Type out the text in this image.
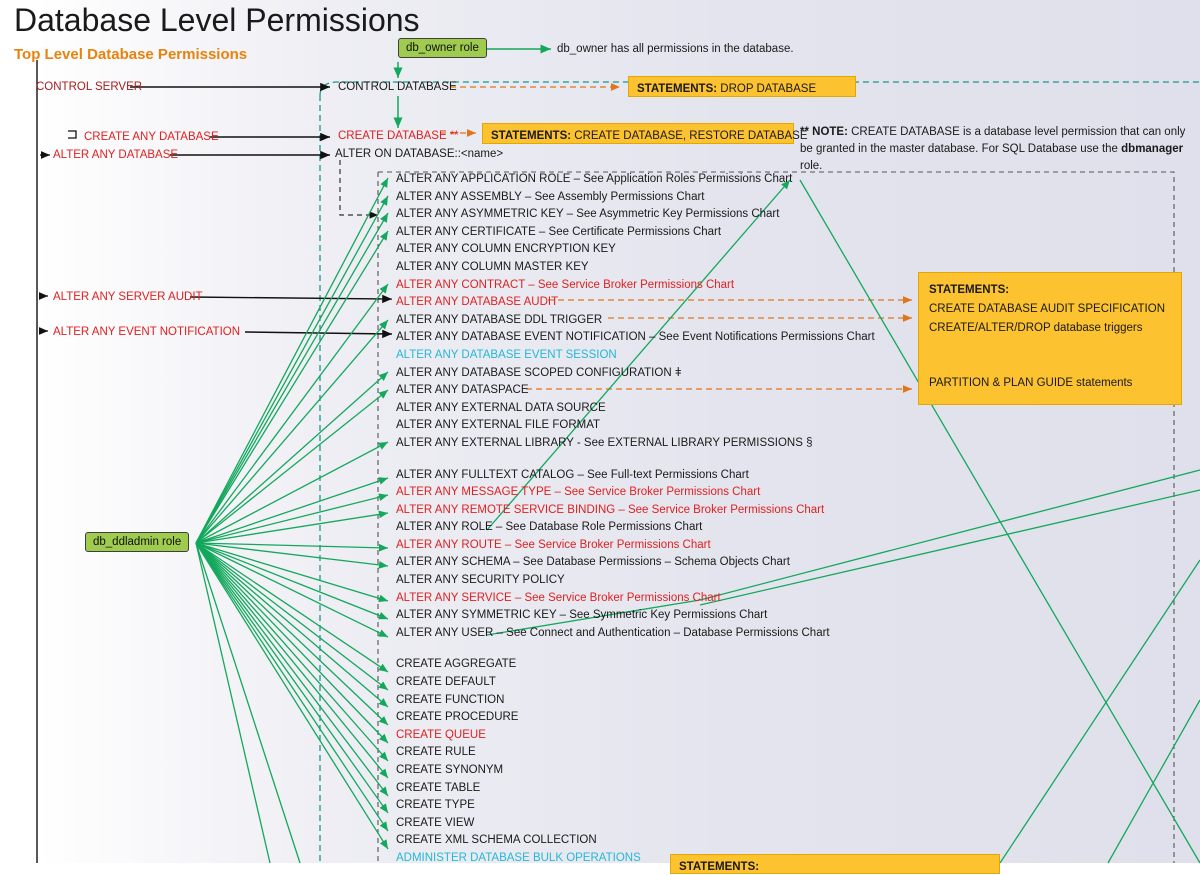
Database Level Permissions
Top Level Database Permissions	db_owner role
db_ddladmin role
db_owner has all permissions in the database.
CONTROL SERVER	CONTROL DATABASE
CREATE ANY DATABASE
ALTER ANY DATABASE
CREATE DATABASE **
ALTER ON DATABASE::<name>
ALTER ANY SERVER AUDIT
ALTER ANY EVENT NOTIFICATION
STATEMENTS: DROP DATABASE
STATEMENTS: CREATE DATABASE, RESTORE DATABASE
STATEMENTS:
CREATE DATABASE AUDIT SPECIFICATION
CREATE/ALTER/DROP database triggers
PARTITION & PLAN GUIDE statements
STATEMENTS:
** NOTE: CREATE DATABASE is a database level permission that can only be granted in the master database. For SQL Database use the dbmanager role.
ALTER ANY APPLICATION ROLE – See Application Roles Permissions Chart
ALTER ANY ASSEMBLY – See Assembly Permissions Chart
ALTER ANY ASYMMETRIC KEY – See Asymmetric Key Permissions Chart
ALTER ANY CERTIFICATE – See Certificate Permissions Chart
ALTER ANY COLUMN ENCRYPTION KEY
ALTER ANY COLUMN MASTER KEY
ALTER ANY CONTRACT – See Service Broker Permissions Chart
ALTER ANY DATABASE AUDIT
ALTER ANY DATABASE DDL TRIGGER
ALTER ANY DATABASE EVENT NOTIFICATION – See Event Notifications Permissions Chart
ALTER ANY DATABASE EVENT SESSION
ALTER ANY DATABASE SCOPED CONFIGURATION ǂ
ALTER ANY DATASPACE
ALTER ANY EXTERNAL DATA SOURCE
ALTER ANY EXTERNAL FILE FORMAT
ALTER ANY EXTERNAL LIBRARY - See EXTERNAL LIBRARY PERMISSIONS §
ALTER ANY FULLTEXT CATALOG – See Full-text Permissions Chart
ALTER ANY MESSAGE TYPE – See Service Broker Permissions Chart
ALTER ANY REMOTE SERVICE BINDING – See Service Broker Permissions Chart
ALTER ANY ROLE – See Database Role Permissions Chart
ALTER ANY ROUTE – See Service Broker Permissions Chart
ALTER ANY SCHEMA – See Database Permissions – Schema Objects Chart
ALTER ANY SECURITY POLICY
ALTER ANY SERVICE – See Service Broker Permissions Chart
ALTER ANY SYMMETRIC KEY – See Symmetric Key Permissions Chart
ALTER ANY USER – See Connect and Authentication – Database Permissions Chart
CREATE AGGREGATE
CREATE DEFAULT
CREATE FUNCTION
CREATE PROCEDURE
CREATE QUEUE
CREATE RULE
CREATE SYNONYM
CREATE TABLE
CREATE TYPE
CREATE VIEW
CREATE XML SCHEMA COLLECTION
ADMINISTER DATABASE BULK OPERATIONS
